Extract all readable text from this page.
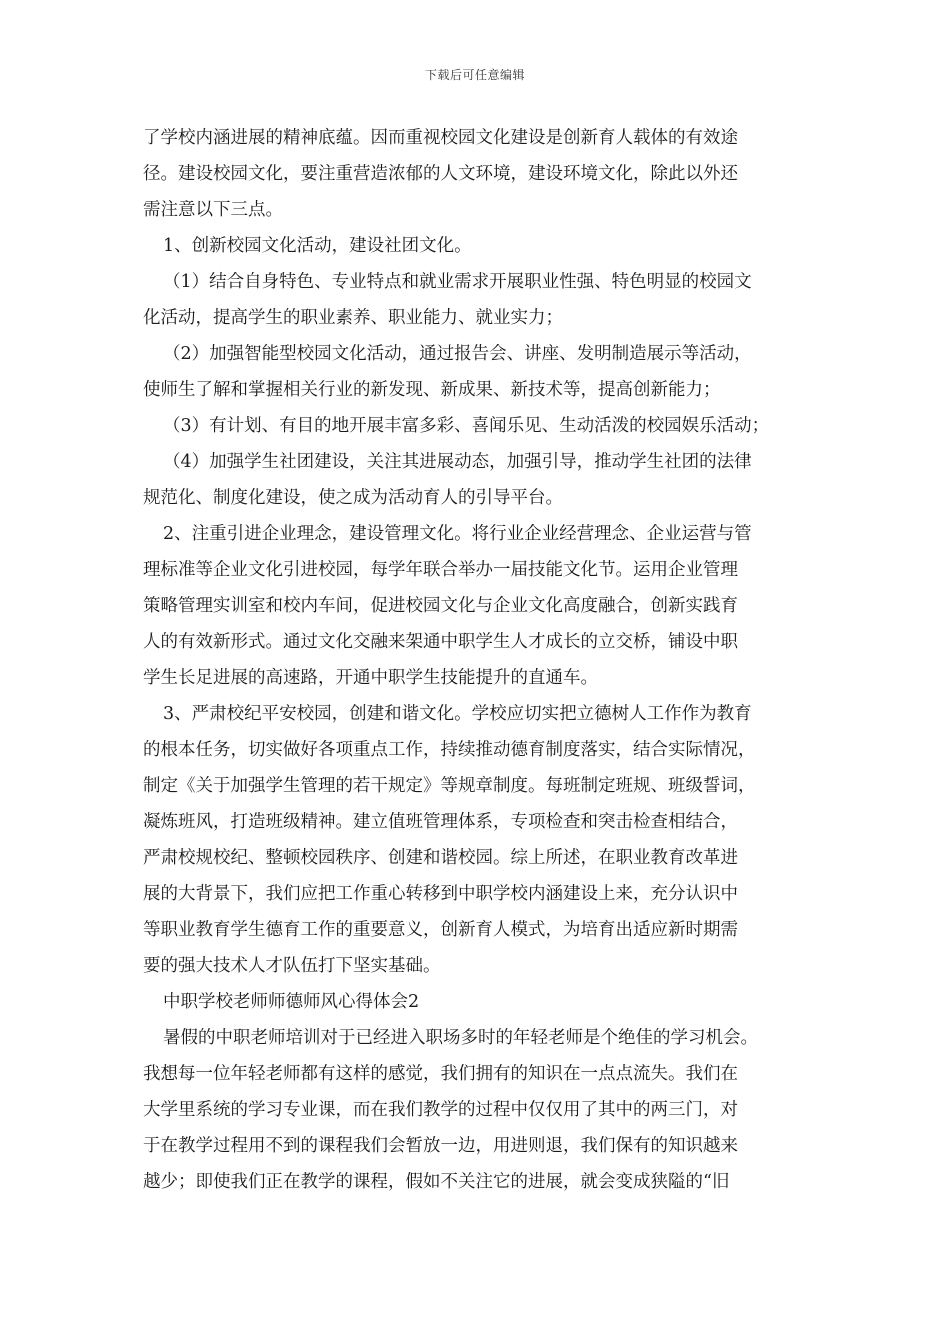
下载后可任意编辑
了学校内涵进展的精神底蕴。因而重视校园文化建设是创新育人载体的有效途
径。建设校园文化，要注重营造浓郁的人文环境，建设环境文化，除此以外还
需注意以下三点。
1、创新校园文化活动，建设社团文化。
（1）结合自身特色、专业特点和就业需求开展职业性强、特色明显的校园文
化活动，提高学生的职业素养、职业能力、就业实力；
（2）加强智能型校园文化活动，通过报告会、讲座、发明制造展示等活动，
使师生了解和掌握相关行业的新发现、新成果、新技术等，提高创新能力；
（3）有计划、有目的地开展丰富多彩、喜闻乐见、生动活泼的校园娱乐活动；
（4）加强学生社团建设，关注其进展动态，加强引导，推动学生社团的法律
规范化、制度化建设，使之成为活动育人的引导平台。
2、注重引进企业理念，建设管理文化。将行业企业经营理念、企业运营与管
理标准等企业文化引进校园，每学年联合举办一届技能文化节。运用企业管理
策略管理实训室和校内车间，促进校园文化与企业文化高度融合，创新实践育
人的有效新形式。通过文化交融来架通中职学生人才成长的立交桥，铺设中职
学生长足进展的高速路，开通中职学生技能提升的直通车。
3、严肃校纪平安校园，创建和谐文化。学校应切实把立德树人工作作为教育
的根本任务，切实做好各项重点工作，持续推动德育制度落实，结合实际情况，
制定《关于加强学生管理的若干规定》等规章制度。每班制定班规、班级誓词，
凝炼班风，打造班级精神。建立值班管理体系，专项检查和突击检查相结合，
严肃校规校纪、整顿校园秩序、创建和谐校园。综上所述，在职业教育改革进
展的大背景下，我们应把工作重心转移到中职学校内涵建设上来，充分认识中
等职业教育学生德育工作的重要意义，创新育人模式，为培育出适应新时期需
要的强大技术人才队伍打下坚实基础。
中职学校老师师德师风心得体会2
暑假的中职老师培训对于已经进入职场多时的年轻老师是个绝佳的学习机会。
我想每一位年轻老师都有这样的感觉，我们拥有的知识在一点点流失。我们在
大学里系统的学习专业课，而在我们教学的过程中仅仅用了其中的两三门，对
于在教学过程用不到的课程我们会暂放一边，用进则退，我们保有的知识越来
越少；即使我们正在教学的课程，假如不关注它的进展，就会变成狭隘的“旧
